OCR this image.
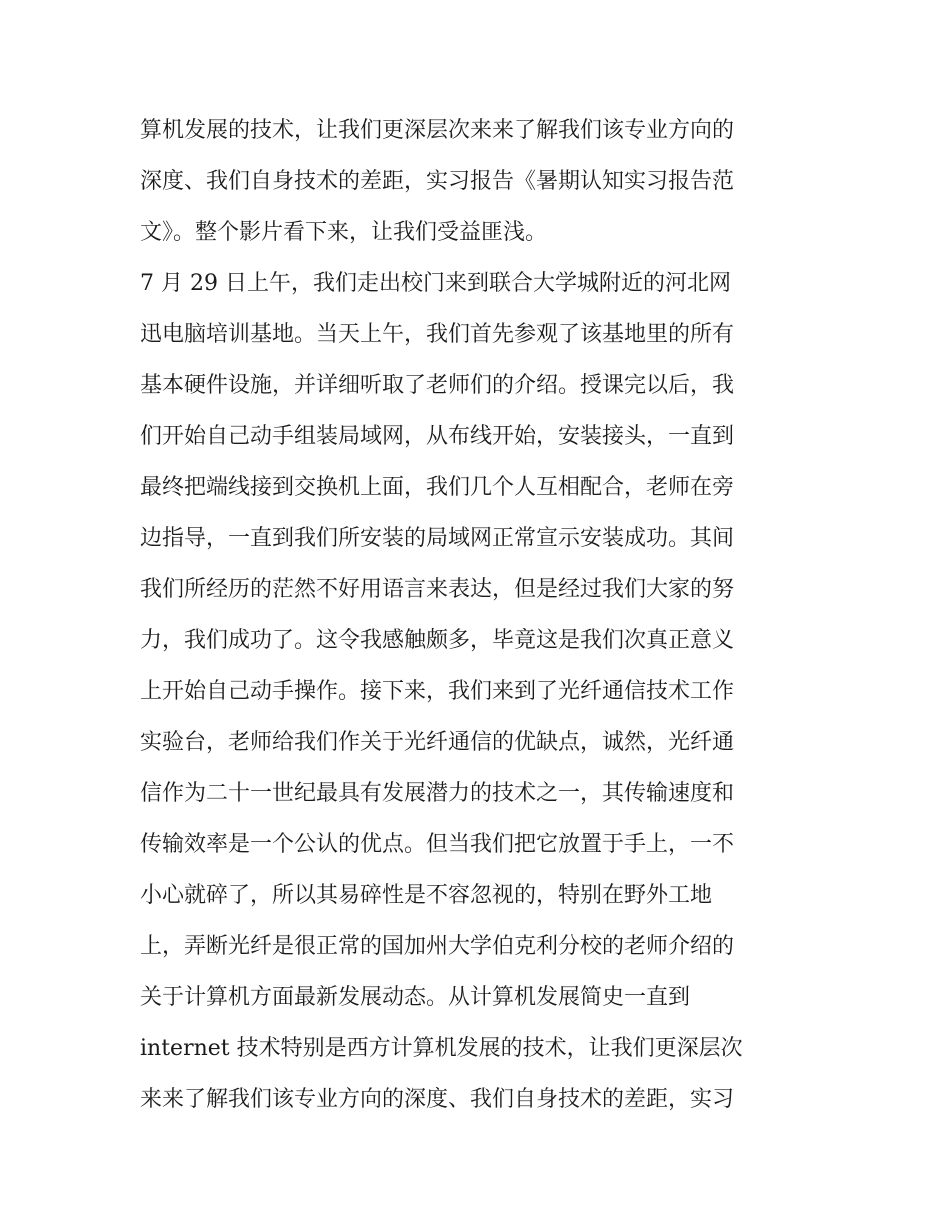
算机发展的技术，让我们更深层次来来了解我们该专业方向的
深度、我们自身技术的差距，实习报告《暑期认知实习报告范
文》。整个影片看下来，让我们受益匪浅。
7 月 29 日上午，我们走出校门来到联合大学城附近的河北网
迅电脑培训基地。当天上午，我们首先参观了该基地里的所有
基本硬件设施，并详细听取了老师们的介绍。授课完以后，我
们开始自己动手组装局域网，从布线开始，安装接头，一直到
最终把端线接到交换机上面，我们几个人互相配合，老师在旁
边指导，一直到我们所安装的局域网正常宣示安装成功。其间
我们所经历的茫然不好用语言来表达，但是经过我们大家的努
力，我们成功了。这令我感触颇多，毕竟这是我们次真正意义
上开始自己动手操作。接下来，我们来到了光纤通信技术工作
实验台，老师给我们作关于光纤通信的优缺点，诚然，光纤通
信作为二十一世纪最具有发展潜力的技术之一，其传输速度和
传输效率是一个公认的优点。但当我们把它放置于手上，一不
小心就碎了，所以其易碎性是不容忽视的，特别在野外工地
上，弄断光纤是很正常的国加州大学伯克利分校的老师介绍的
关于计算机方面最新发展动态。从计算机发展简史一直到
internet 技术特别是西方计算机发展的技术，让我们更深层次
来来了解我们该专业方向的深度、我们自身技术的差距，实习
